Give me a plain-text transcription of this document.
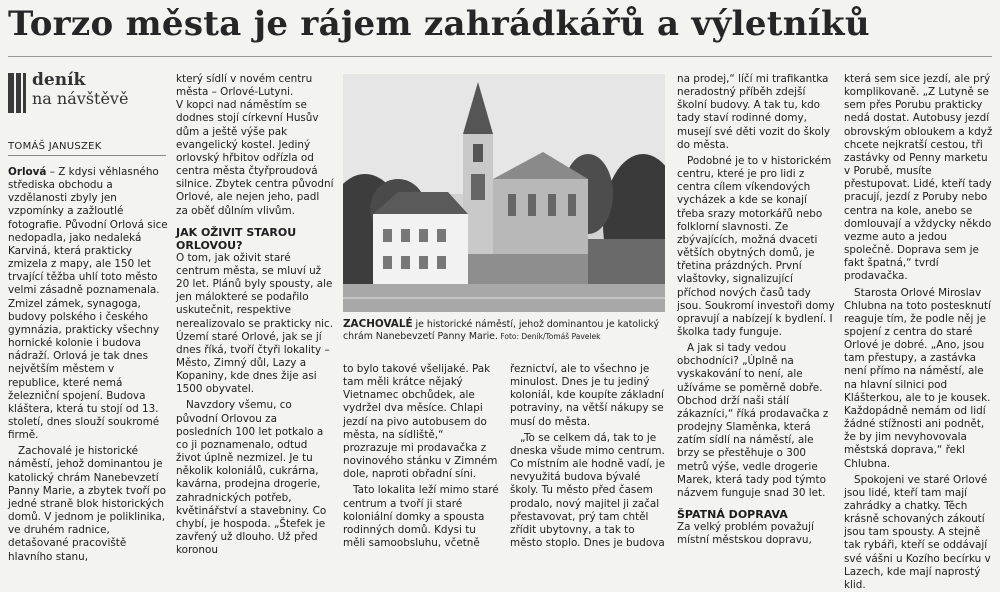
Torzo města je rájem zahrádkářů a výletníků
deník
na návštěvě
TOMÁŠ JANUSZEK

Orlová – Z kdysi věhlasného střediska obchodu a vzdělanosti zbyly jen vzpomínky a zažloutlé fotografie. Původní Orlová sice nedopadla, jako nedaleká Karviná, která prakticky zmizela z mapy, ale 150 let trvající těžba uhlí toto město velmi zásadně poznamenala. Zmizel zámek, synagoga, budovy polského i českého gymnázia, prakticky všechny hornické kolonie i budova nádraží. Orlová je tak dnes největším městem v republice, které nemá železniční spojení. Budova kláštera, která tu stojí od 13. století, dnes slouží soukromé firmě.

Zachovalé je historické náměstí, jehož dominantou je katolický chrám Nanebevzetí Panny Marie, a zbytek tvoří po jedné straně blok historických domů. V jednom je poliklinika, ve druhém radnice, detašované pracoviště hlavního stanu,

který sídlí v novém centru města – Orlové-Lutyni.

V kopci nad náměstím se dodnes stojí církevní Husův dům a ještě výše pak evangelický kostel. Jediný orlovský hřbitov odřízla od centra města čtyřproudová silnice. Zbytek centra původní Orlové, ale nejen jeho, padl za oběť důlním vlivům.

JAK OŽIVIT STAROU ORLOVOU?

O tom, jak oživit staré centrum města, se mluví už 20 let. Plánů byly spousty, ale jen málokteré se podařilo uskutečnit, respektive nerealizovalo se prakticky nic. Území staré Orlové, jak se jí dnes říká, tvoří čtyři lokality – Město, Zimný důl, Lazy a Kopaniny, kde dnes žije asi 1500 obyvatel.

Navzdory všemu, co původní Orlovou za posledních 100 let potkalo a co ji poznamenalo, odtud život úplně nezmizel. Je tu několik koloniálů, cukrárna, kavárna, prodejna drogerie, zahradnických potřeb, květinářství a stavebniny. Co chybí, je hospoda. „Štefek je zavřený už dlouho. Už před koronou

ZACHOVALÉ je historické náměstí, jehož dominantou je katolický chrám Nanebevzetí Panny Marie. Foto: Deník/Tomáš Pavelek

to bylo takové všelijaké. Pak tam měli krátce nějaký Vietnamec obchůdek, ale vydržel dva měsíce. Chlapi jezdí na pivo autobusem do města, na sídliště,“ prozrazuje mi prodavačka z novinového stánku v Zimném dole, naproti obřadní síni.

Tato lokalita leží mimo staré centrum a tvoří ji staré koloniální domky a spousta rodinných domů. Kdysi tu měli samoobsluhu, včetně

řeznictví, ale to všechno je minulost. Dnes je tu jediný koloniál, kde koupíte základní potraviny, na větší nákupy se musí do města.

„To se celkem dá, tak to je dneska všude mimo centrum. Co místním ale hodně vadí, je nevyužitá budova bývalé školy. Tu město před časem prodalo, nový majitel ji začal přestavovat, prý tam chtěl zřídit ubytovny, a tak to město stoplo. Dnes je budova

na prodej,“ líčí mi trafikantka neradostný příběh zdejší školní budovy. A tak tu, kdo tady staví rodinné domy, musejí své děti vozit do školy do města.

Podobné je to v historickém centru, které je pro lidi z centra cílem víkendových vycházek a kde se konají třeba srazy motorkářů nebo folklorní slavnosti. Ze zbývajících, možná dvaceti větších obytných domů, je třetina prázdných. První vlaštovky, signalizující příchod nových časů tady jsou. Soukromí investoři domy opravují a nabízejí k bydlení. I školka tady funguje.

A jak si tady vedou obchodníci? „Úplně na vyskakování to není, ale užíváme se poměrně dobře. Obchod drží naši stálí zákazníci,“ říká prodavačka z prodejny Slaměnka, která zatím sídlí na náměstí, ale brzy se přestěhuje o 300 metrů výše, vedle drogerie Marek, která tady pod týmto názvem funguje snad 30 let.

ŠPATNÁ DOPRAVA

Za velký problém považují místní městskou dopravu,

která sem sice jezdí, ale prý komplikovaně. „Z Lutyně se sem přes Porubu prakticky nedá dostat. Autobusy jezdí obrovským obloukem a když chcete nejkratší cestou, tři zastávky od Penny marketu v Porubě, musíte přestupovat. Lidé, kteří tady pracují, jezdí z Poruby nebo centra na kole, anebo se domlouvají a vždycky někdo vezme auto a jedou společně. Doprava sem je fakt špatná,“ tvrdí prodavačka.

Starosta Orlové Miroslav Chlubna na toto postesknutí reaguje tím, že podle něj je spojení z centra do staré Orlové je dobré. „Ano, jsou tam přestupy, a zastávka není přímo na náměstí, ale na hlavní silnici pod Klášterkou, ale to je kousek. Každopádně nemám od lidí žádné stížnosti ani podnět, že by jim nevyhovovala městská doprava,“ řekl Chlubna.

Spokojeni ve staré Orlové jsou lidé, kteří tam mají zahrádky a chatky. Těch krásně schovaných zákoutí jsou tam spousty. A stejně tak rybáři, kteří se oddávají své vášni u Kozího becírku v Lazech, kde mají naprostý klid.
